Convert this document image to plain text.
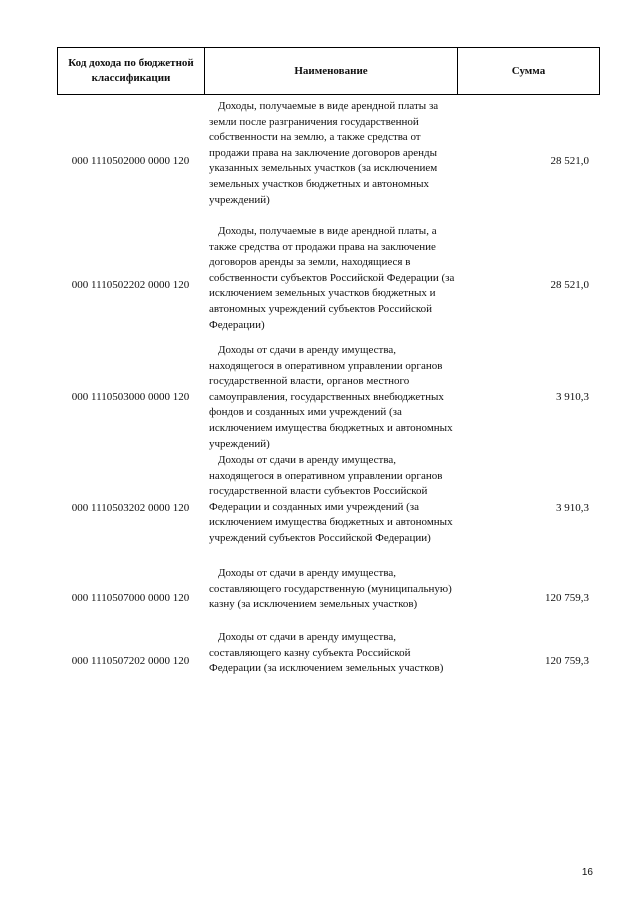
Код дохода по бюджетной классификации
Наименование	Сумма
000 1110502000 0000 120
Доходы, получаемые в виде арендной платы за земли после разграничения государственной собственности на землю, а также средства от продажи права на заключение договоров аренды указанных земельных участков (за исключением земельных участков бюджетных и автономных учреждений)
28 521,0
000 1110502202 0000 120
Доходы, получаемые в виде арендной платы, а также средства от продажи права на заключение договоров аренды за земли, находящиеся в собственности субъектов Российской Федерации (за исключением земельных участков бюджетных и автономных учреждений субъектов Российской Федерации)
28 521,0
000 1110503000 0000 120
Доходы от сдачи в аренду имущества, находящегося в оперативном управлении органов государственной власти, органов местного самоуправления, государственных внебюджетных фондов и созданных ими учреждений (за исключением имущества бюджетных и автономных учреждений)
3 910,3
000 1110503202 0000 120
Доходы от сдачи в аренду имущества, находящегося в оперативном управлении органов государственной власти субъектов Российской Федерации и созданных ими учреждений (за исключением имущества бюджетных и автономных учреждений субъектов Российской Федерации)
3 910,3
000 1110507000 0000 120
Доходы от сдачи в аренду имущества, составляющего государственную (муниципальную) казну (за исключением земельных участков)
120 759,3
000 1110507202 0000 120
Доходы от сдачи в аренду имущества, составляющего казну субъекта Российской Федерации (за исключением земельных участков)
120 759,3
16
